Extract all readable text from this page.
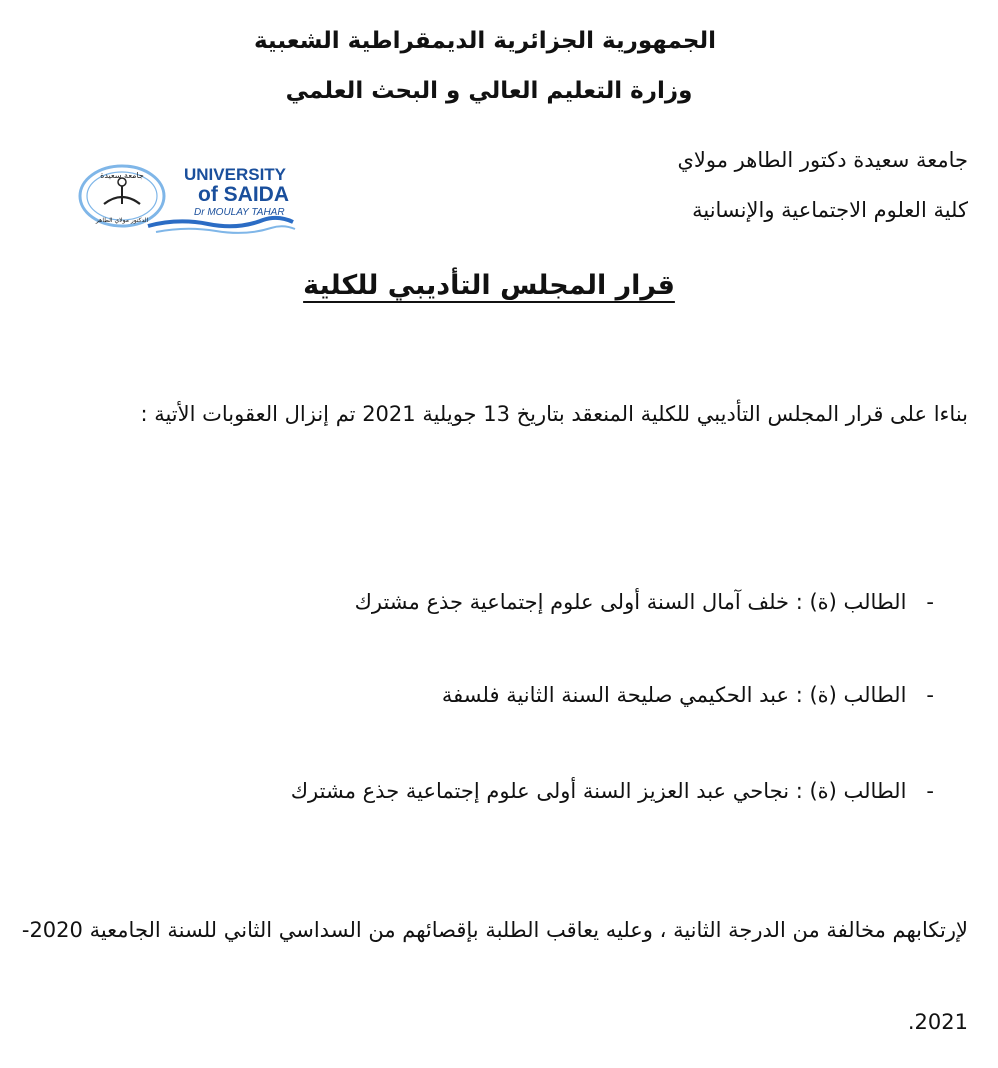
الجمهورية الجزائرية الديمقراطية الشعبية
وزارة التعليم العالي و البحث العلمي
جامعة سعيدة دكتور الطاهر مولاي
كلية العلوم الاجتماعية والإنسانية
جامعة سعيدة
الدكتور مولاي الطاهر
UNIVERSITY
of SAIDA
Dr MOULAY TAHAR
قرار المجلس التأديبي للكلية
بناءا على قرار المجلس التأديبي للكلية المنعقد بتاريخ 13 جويلية 2021 تم إنزال العقوبات الأتية :
-الطالب (ة) : خلف آمال السنة أولى علوم إجتماعية جذع مشترك
-الطالب (ة) : عبد الحكيمي صليحة السنة الثانية فلسفة
-الطالب (ة) : نجاحي عبد العزيز السنة أولى علوم إجتماعية جذع مشترك
لإرتكابهم مخالفة من الدرجة الثانية ، وعليه يعاقب الطلبة بإقصائهم من السداسي الثاني للسنة الجامعية 2020-2021.
